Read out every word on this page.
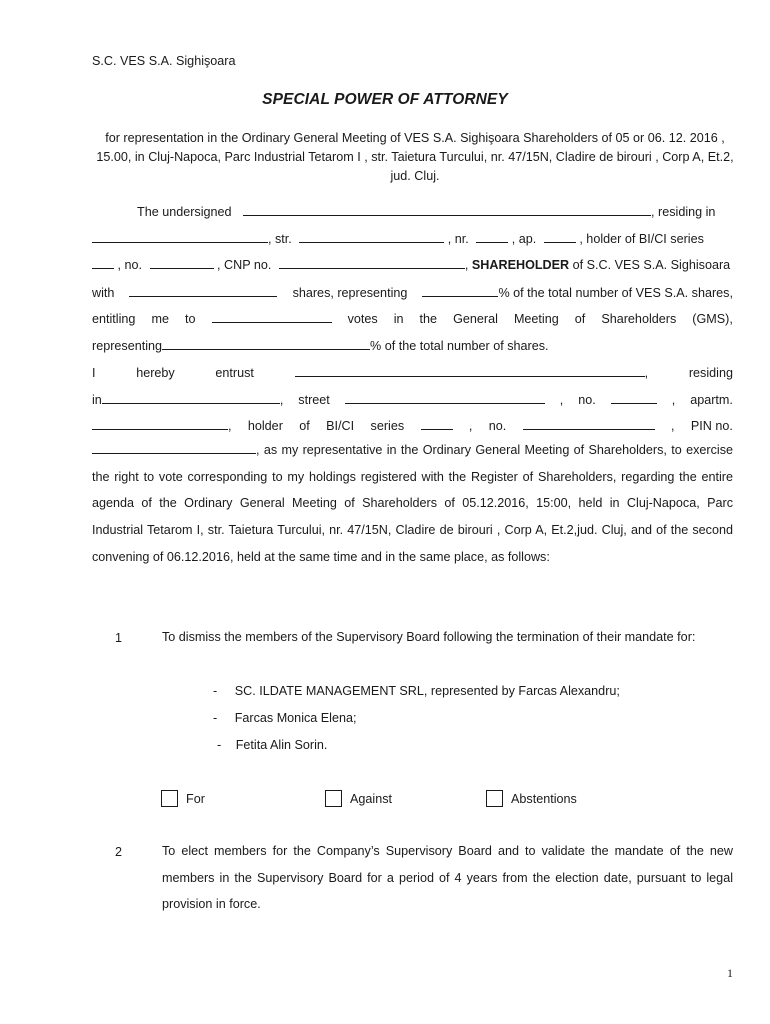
S.C. VES S.A. Sighişoara
SPECIAL POWER OF ATTORNEY
for representation in the Ordinary General Meeting of VES S.A. Sighişoara Shareholders of 05 or 06. 12. 2016 , 15.00, in Cluj-Napoca, Parc Industrial Tetarom I , str. Taietura Turcului, nr. 47/15N, Cladire de birouri , Corp A, Et.2, jud. Cluj.
The undersigned	, residing in
, str.	, nr.	, ap.	, holder of BI/CI series
, no.	, CNP no.	, SHAREHOLDER of S.C. VES S.A. Sighisoara
with	shares, representing	% of the total number of VES S.A. shares,
entitling me to	votes in the General Meeting of Shareholders (GMS),
representing	% of the total number of shares.
I	hereby	entrust	,	residing
in	, street	, no.	, apartm.
, holder of BI/CI series	, no.	, PIN no.
, as my representative in the Ordinary General Meeting of Shareholders, to exercise the right to vote corresponding to my holdings registered with the Register of Shareholders, regarding the entire agenda of the Ordinary General Meeting of Shareholders of 05.12.2016, 15:00, held in Cluj-Napoca, Parc Industrial Tetarom I, str. Taietura Turcului, nr. 47/15N, Cladire de birouri , Corp A, Et.2,jud. Cluj, and of the second convening of 06.12.2016, held at the same time and in the same place, as follows:
1	To dismiss the members of the Supervisory Board following the termination of their mandate for:
- SC. ILDATE MANAGEMENT SRL, represented by Farcas Alexandru;
- Farcas Monica Elena;
- Fetita Alin Sorin.
For	Against	Abstentions
2	To elect members for the Company’s Supervisory Board and to validate the mandate of the new members in the Supervisory Board for a period of 4 years from the election date, pursuant to legal provision in force.
1
